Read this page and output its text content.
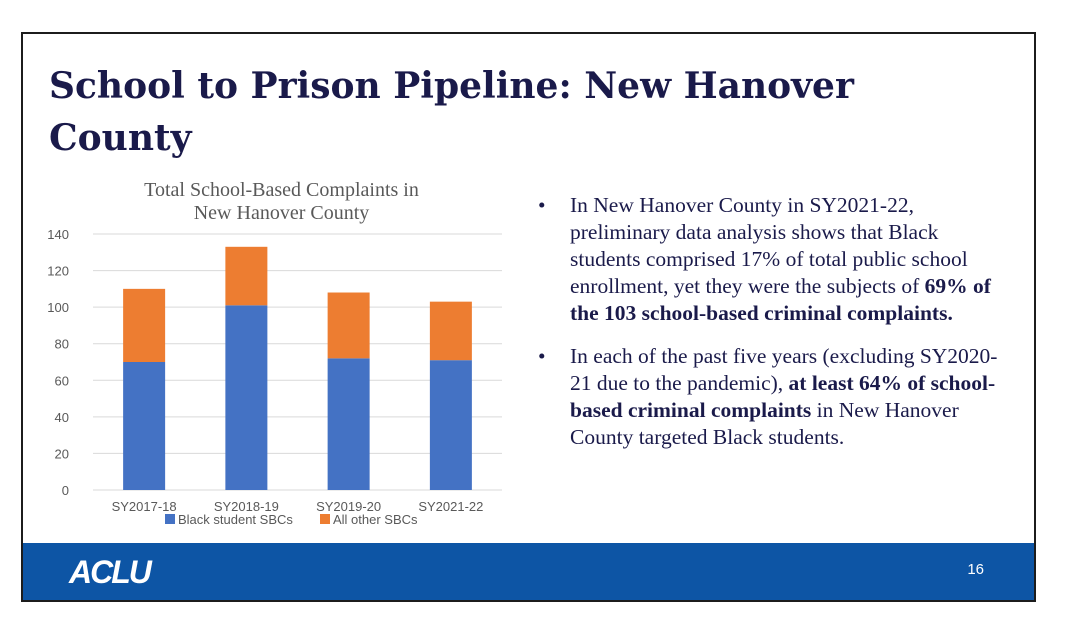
School to Prison Pipeline: New Hanover County
Total School-Based Complaints in
New Hanover County
0
20
40
60
80
100
120
140
SY2017-18	SY2018-19	SY2019-20	SY2021-22
Black student SBCs	All other SBCs
• In New Hanover County in SY2021-22, preliminary data analysis shows that Black students comprised 17% of total public school enrollment, yet they were the subjects of 69% of the 103 school-based criminal complaints.
• In each of the past five years (excluding SY2020-21 due to the pandemic), at least 64% of school-based criminal complaints in New Hanover County targeted Black students.
ACLU	16
